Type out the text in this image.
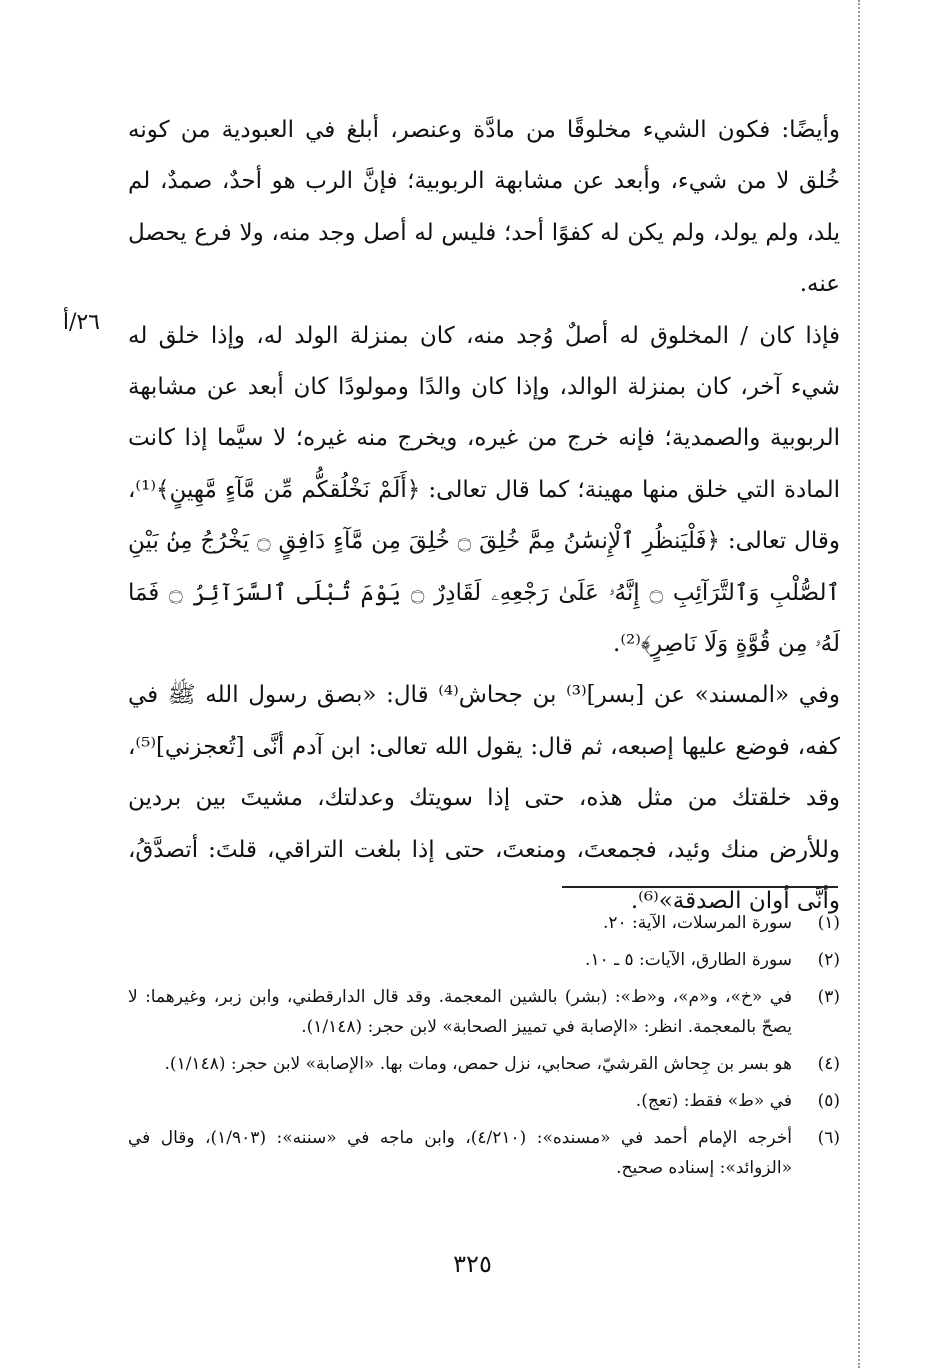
٢٦/أ

وأيضًا: فكون الشيء مخلوقًا من مادَّة وعنصر، أبلغ في العبودية من كونه خُلق لا من شيء، وأبعد عن مشابهة الربوبية؛ فإنَّ الرب هو أحدٌ، صمدٌ، لم يلد، ولم يولد، ولم يكن له كفوًا أحد؛ فليس له أصل وجد منه، ولا فرع يحصل عنه.

فإذا كان / المخلوق له أصلٌ وُجد منه، كان بمنزلة الولد له، وإذا خلق له شيء آخر، كان بمنزلة الوالد، وإذا كان والدًا ومولودًا كان أبعد عن مشابهة الربوبية والصمدية؛ فإنه خرج من غيره، ويخرج منه غيره؛ لا سيَّما إذا كانت المادة التي خلق منها مهينة؛ كما قال تعالى: ﴿أَلَمْ نَخْلُقكُّم مِّن مَّآءٍ مَّهِينٍ﴾⁽¹⁾، وقال تعالى: ﴿فَلْيَنظُرِ ٱلْإِنسَٰنُ مِمَّ خُلِقَ ۝ خُلِقَ مِن مَّآءٍ دَافِقٍ ۝ يَخْرُجُ مِنۢ بَيْنِ ٱلصُّلْبِ وَٱلتَّرَآئِبِ ۝ إِنَّهُۥ عَلَىٰ رَجْعِهِۦ لَقَادِرٌ ۝ يَوْمَ تُبْلَى ٱلسَّرَآئِرُ ۝ فَمَا لَهُۥ مِن قُوَّةٍ وَلَا نَاصِرٍ﴾⁽²⁾.

وفي «المسند» عن [بسر]⁽³⁾ بن جحاش⁽⁴⁾ قال: «بصق رسول الله ﷺ في كفه، فوضع عليها إصبعه، ثم قال: يقول الله تعالى: ابن آدم أنَّى [تُعجزني]⁽⁵⁾، وقد خلقتك من مثل هذه، حتى إذا سويتك وعدلتك، مشيتَ بين بردين وللأرض منك وئيد، فجمعتَ، ومنعتَ، حتى إذا بلغت التراقي، قلتَ: أتصدَّقُ، وأنَّى أوان الصدقة»⁽⁶⁾.

(١)
سورة المرسلات، الآية: ٢٠.
(٢)
سورة الطارق، الآيات: ٥ ـ ١٠.
(٣)
في «خ»، و«م»، و«ط»: (بشر) بالشين المعجمة. وقد قال الدارقطني، وابن زبر، وغيرهما: لا يصحّ بالمعجمة. انظر: «الإصابة في تمييز الصحابة» لابن حجر: (١/١٤٨).
(٤)
هو بسر بن جِحاش القرشيّ، صحابي، نزل حمص، ومات بها. «الإصابة» لابن حجر: (١/١٤٨).
(٥)
في «ط» فقط: (تعج).
(٦)
أخرجه الإمام أحمد في «مسنده»: (٤/٢١٠)، وابن ماجه في «سننه»: (١/٩٠٣)، وقال في «الزوائد»: إسناده صحيح.
٣٢٥
